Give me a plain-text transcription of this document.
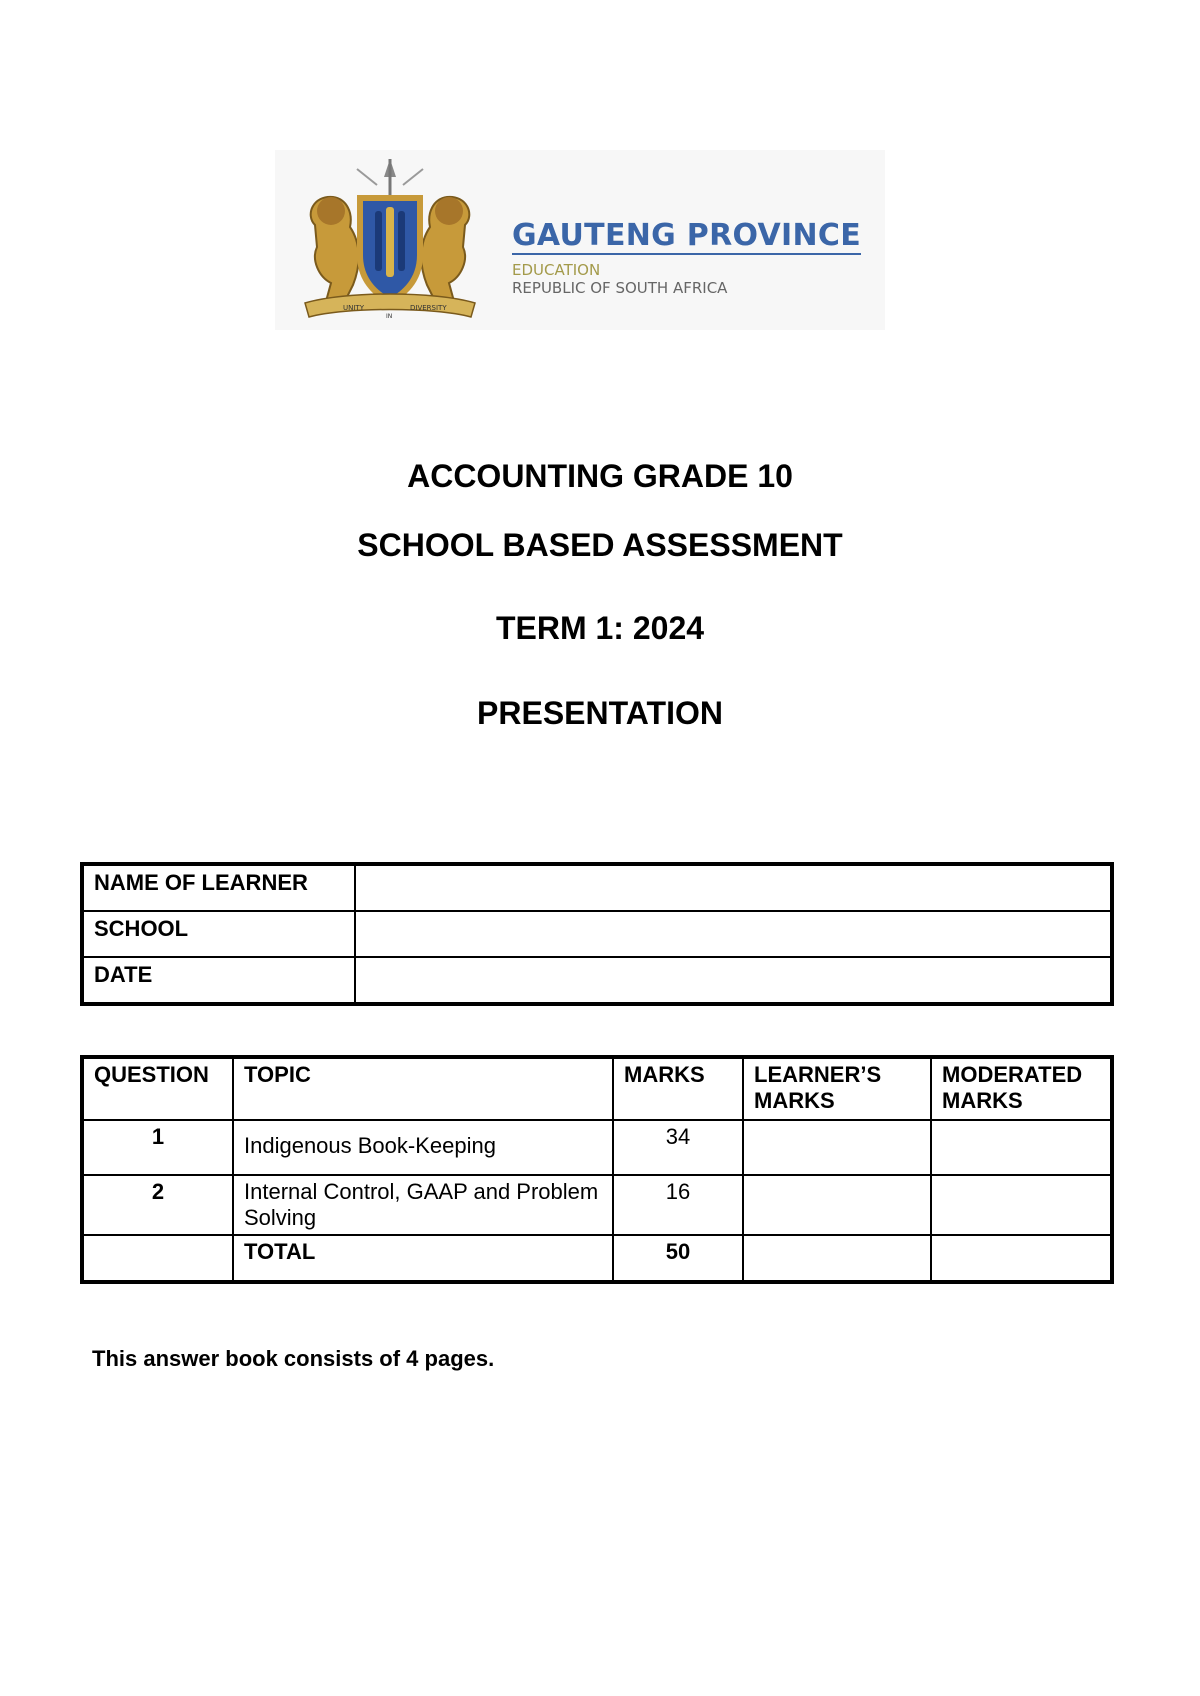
UNITY
IN
DIVERSITY
GAUTENG PROVINCE
EDUCATION
REPUBLIC OF SOUTH AFRICA
ACCOUNTING GRADE 10
SCHOOL BASED ASSESSMENT
TERM 1: 2024
PRESENTATION
NAME OF LEARNER	
SCHOOL	
DATE	
QUESTION	TOPIC	MARKS	LEARNER’S MARKS	MODERATED MARKS
1	Indigenous Book-Keeping	34		
2	Internal Control, GAAP and Problem Solving	16		
	TOTAL	50		
This answer book consists of 4 pages.
